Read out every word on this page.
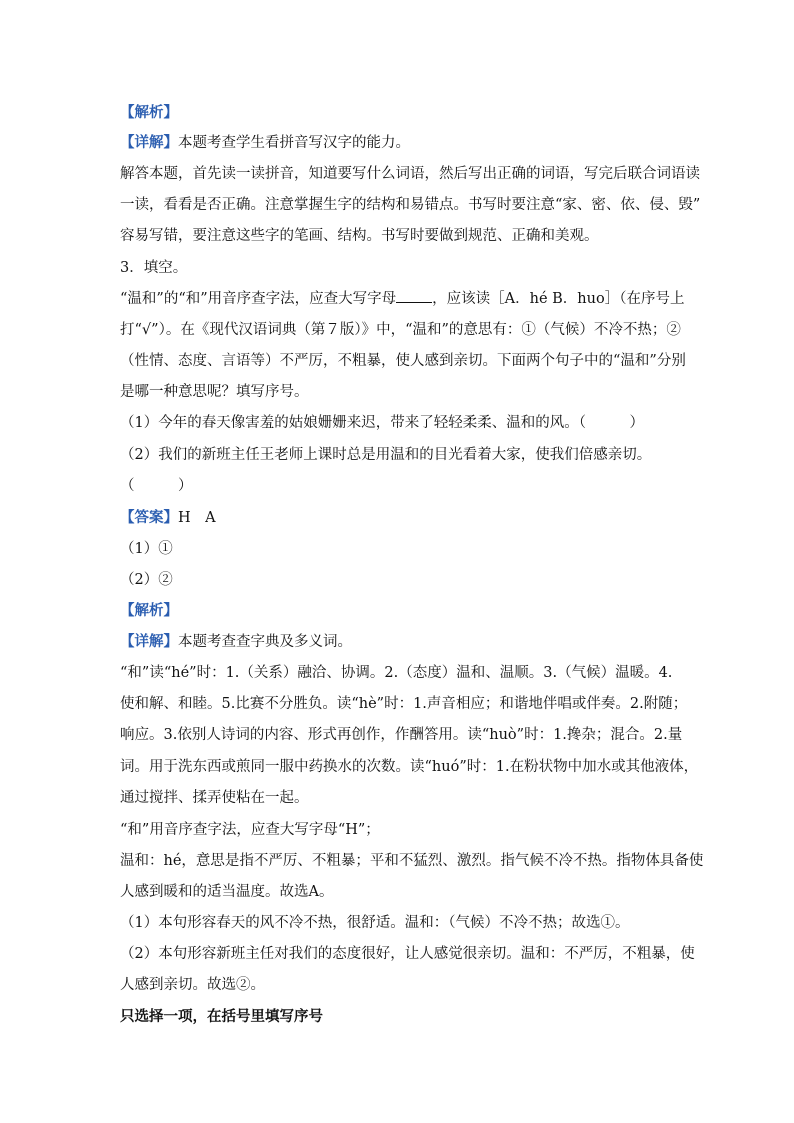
【解析】
【详解】本题考查学生看拼音写汉字的能力。
解答本题，首先读一读拼音，知道要写什么词语，然后写出正确的词语，写完后联合词语读
一读，看看是否正确。注意掌握生字的结构和易错点。书写时要注意“家、密、依、侵、毁”
容易写错，要注意这些字的笔画、结构。书写时要做到规范、正确和美观。
3．填空。
“温和”的“和”用音序查字法，应查大写字母 ，应该读［A．hé B．huo］（在序号上
打“√”）。在《现代汉语词典（第７版）》中，“温和”的意思有：①（气候）不冷不热；②
（性情、态度、言语等）不严厉，不粗暴，使人感到亲切。下面两个句子中的“温和”分别
是哪一种意思呢？填写序号。
（1）今年的春天像害羞的姑娘姗姗来迟，带来了轻轻柔柔、温和的风。（　　　）
（2）我们的新班主任王老师上课时总是用温和的目光看着大家，使我们倍感亲切。
（　　　）
【答案】H　A
（1）①
（2）②
【解析】
【详解】本题考查查字典及多义词。
“和”读“hé”时：1.（关系）融洽、协调。2.（态度）温和、温顺。3.（气候）温暖。4.
使和解、和睦。5.比赛不分胜负。读“hè”时：1.声音相应；和谐地伴唱或伴奏。2.附随；
响应。3.依别人诗词的内容、形式再创作，作酬答用。读“huò”时：1.搀杂；混合。2.量
词。用于洗东西或煎同一服中药换水的次数。读“huó”时：1.在粉状物中加水或其他液体，
通过搅拌、揉弄使粘在一起。
“和”用音序查字法，应查大写字母“H”；
温和：hé，意思是指不严厉、不粗暴；平和不猛烈、激烈。指气候不冷不热。指物体具备使
人感到暖和的适当温度。故选A。
（1）本句形容春天的风不冷不热，很舒适。温和：（气候）不冷不热；故选①。
（2）本句形容新班主任对我们的态度很好，让人感觉很亲切。温和：不严厉，不粗暴，使
人感到亲切。故选②。
只选择一项，在括号里填写序号
